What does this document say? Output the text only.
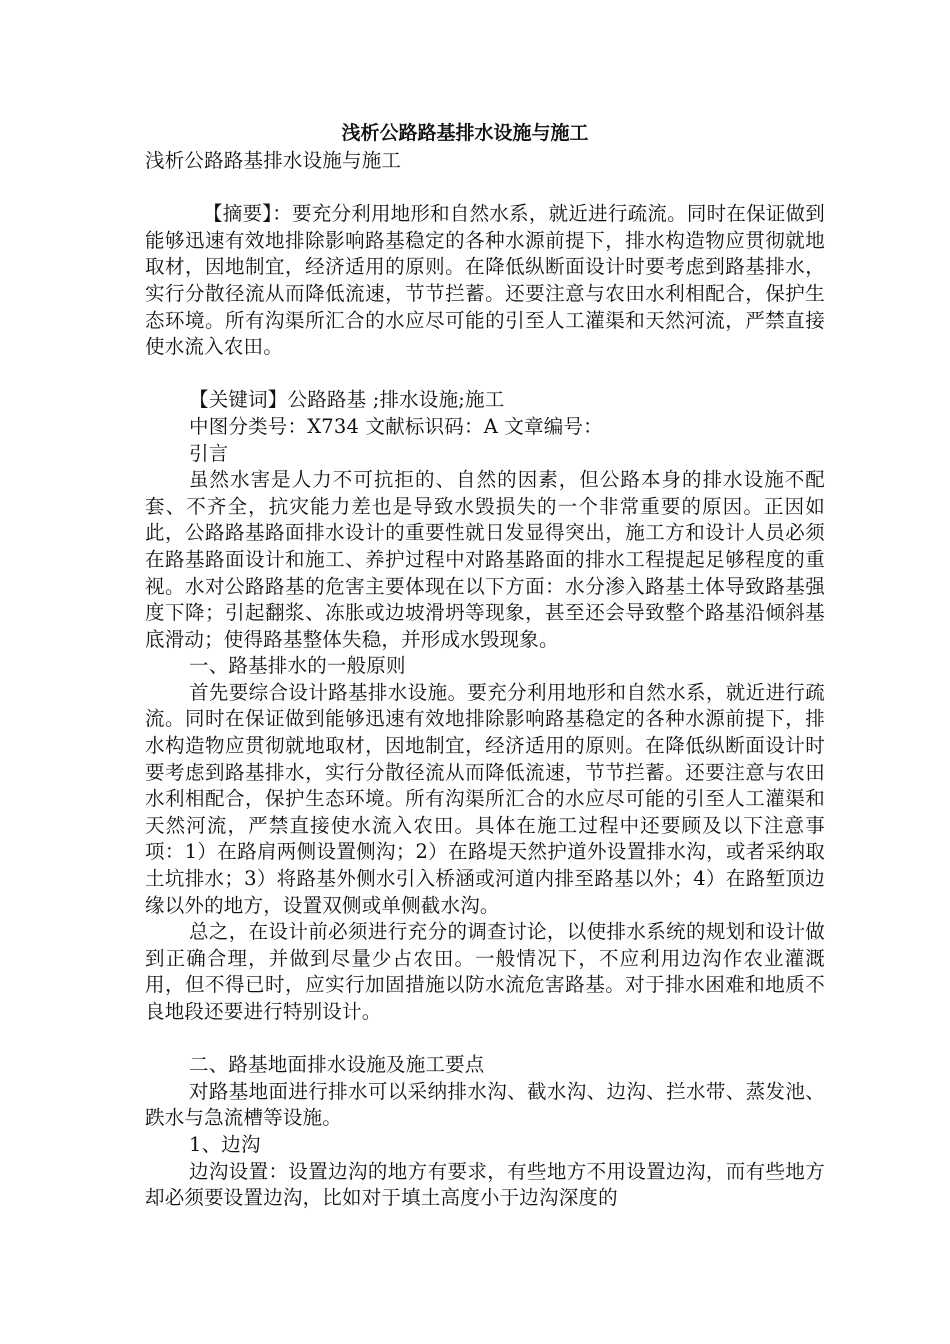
浅析公路路基排水设施与施工

浅析公路路基排水设施与施工

【摘要】：要充分利用地形和自然水系，就近进行疏流。同时在保证做到能够迅速有效地排除影响路基稳定的各种水源前提下，排水构造物应贯彻就地取材，因地制宜，经济适用的原则。在降低纵断面设计时要考虑到路基排水，实行分散径流从而降低流速，节节拦蓄。还要注意与农田水利相配合，保护生态环境。所有沟渠所汇合的水应尽可能的引至人工灌渠和天然河流，严禁直接使水流入农田。

【关键词】公路路基 ;排水设施;施工

中图分类号：X734 文献标识码：A 文章编号：

引言

虽然水害是人力不可抗拒的、自然的因素，但公路本身的排水设施不配套、不齐全，抗灾能力差也是导致水毁损失的一个非常重要的原因。正因如此，公路路基路面排水设计的重要性就日发显得突出，施工方和设计人员必须在路基路面设计和施工、养护过程中对路基路面的排水工程提起足够程度的重视。水对公路路基的危害主要体现在以下方面：水分渗入路基土体导致路基强度下降；引起翻浆、冻胀或边坡滑坍等现象，甚至还会导致整个路基沿倾斜基底滑动；使得路基整体失稳，并形成水毁现象。

一、路基排水的一般原则

首先要综合设计路基排水设施。要充分利用地形和自然水系，就近进行疏流。同时在保证做到能够迅速有效地排除影响路基稳定的各种水源前提下，排水构造物应贯彻就地取材，因地制宜，经济适用的原则。在降低纵断面设计时要考虑到路基排水，实行分散径流从而降低流速，节节拦蓄。还要注意与农田水利相配合，保护生态环境。所有沟渠所汇合的水应尽可能的引至人工灌渠和天然河流，严禁直接使水流入农田。具体在施工过程中还要顾及以下注意事项：1）在路肩两侧设置侧沟；2）在路堤天然护道外设置排水沟，或者采纳取土坑排水；3）将路基外侧水引入桥涵或河道内排至路基以外；4）在路堑顶边缘以外的地方，设置双侧或单侧截水沟。

总之，在设计前必须进行充分的调查讨论，以使排水系统的规划和设计做到正确合理，并做到尽量少占农田。一般情况下，不应利用边沟作农业灌溉用，但不得已时，应实行加固措施以防水流危害路基。对于排水困难和地质不良地段还要进行特别设计。

二、路基地面排水设施及施工要点

对路基地面进行排水可以采纳排水沟、截水沟、边沟、拦水带、蒸发池、跌水与急流槽等设施。

1、边沟

边沟设置：设置边沟的地方有要求，有些地方不用设置边沟，而有些地方却必须要设置边沟，比如对于填土高度小于边沟深度的
